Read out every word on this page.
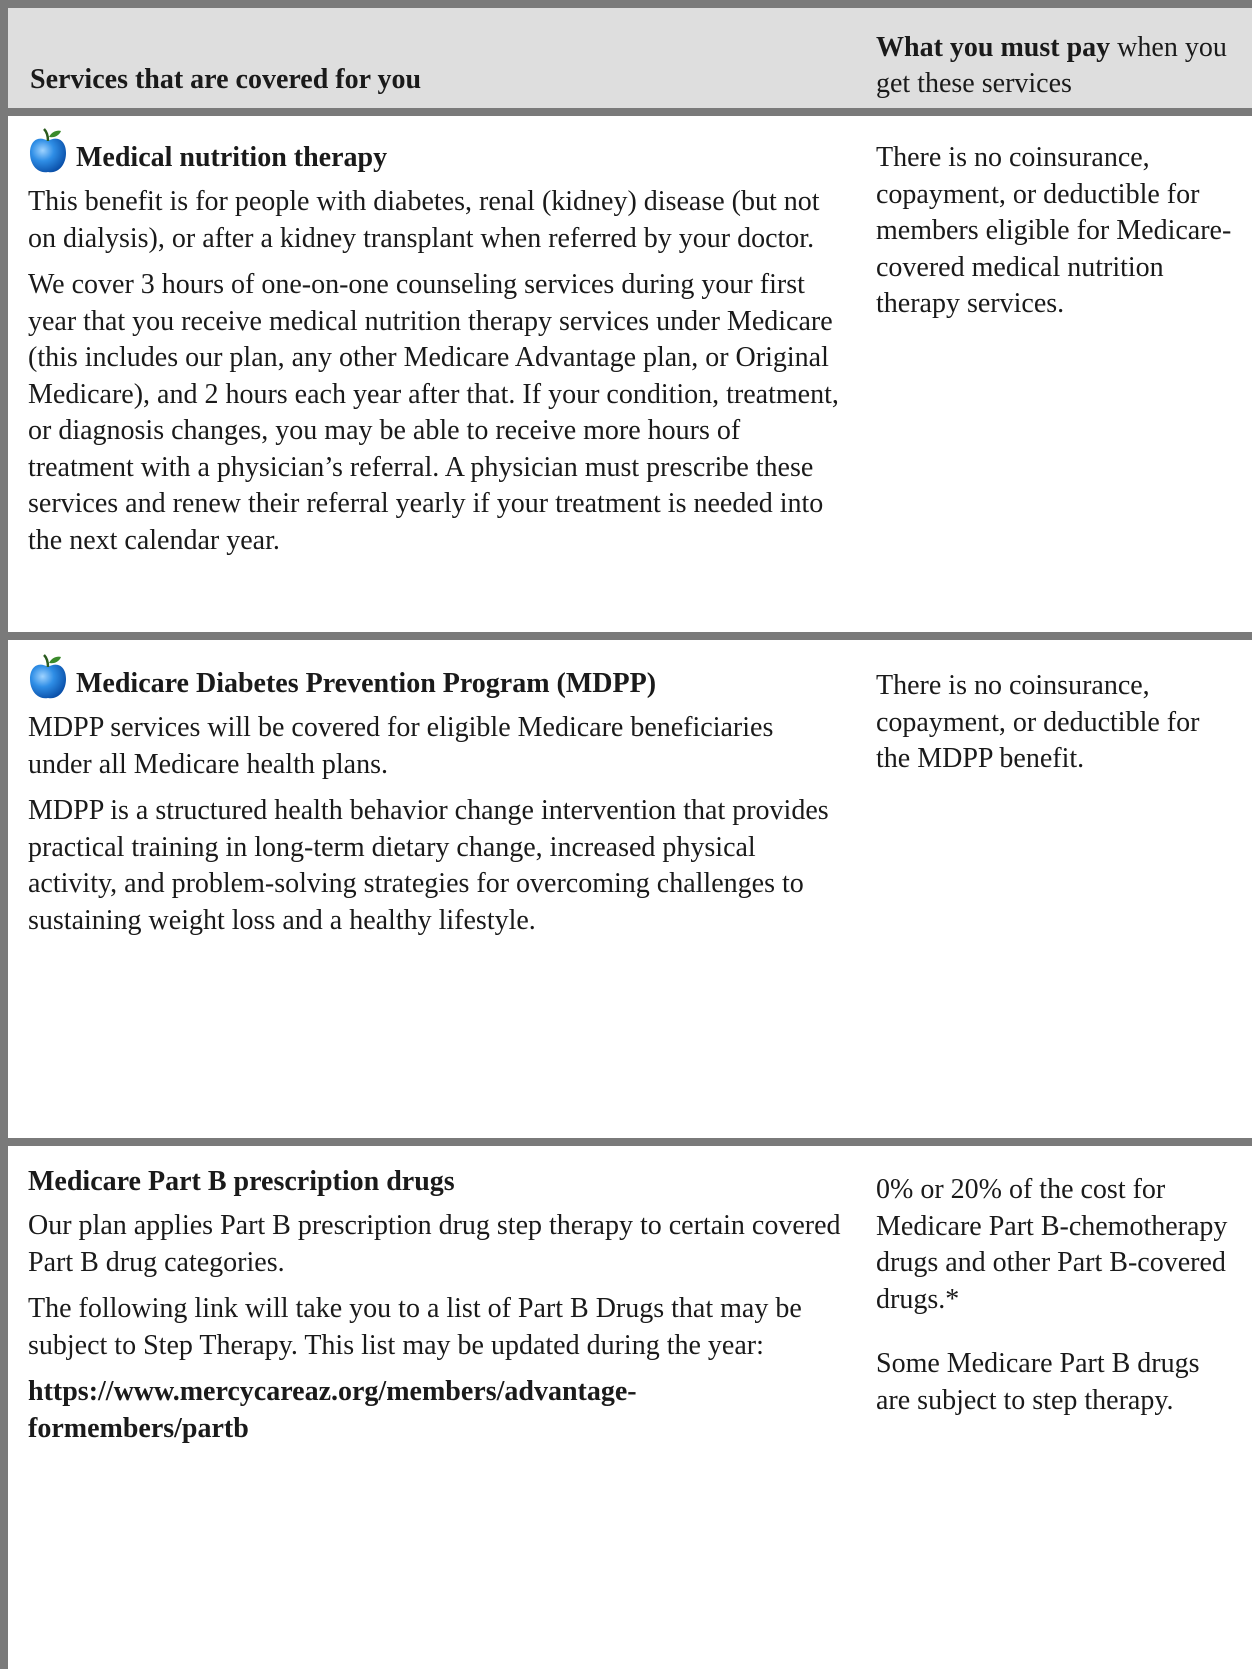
Services that are covered for you
What you must pay when you get these services
Medical nutrition therapy

This benefit is for people with diabetes, renal (kidney) disease (but not on dialysis), or after a kidney transplant when referred by your doctor.

We cover 3 hours of one-on-one counseling services during your first year that you receive medical nutrition therapy services under Medicare (this includes our plan, any other Medicare Advantage plan, or Original Medicare), and 2 hours each year after that. If your condition, treatment, or diagnosis changes, you may be able to receive more hours of treatment with a physician’s referral. A physician must prescribe these services and renew their referral yearly if your treatment is needed into the next calendar year.

There is no coinsurance, copayment, or deductible for members eligible for Medicare-covered medical nutrition therapy services.

Medicare Diabetes Prevention Program (MDPP)

MDPP services will be covered for eligible Medicare beneficiaries under all Medicare health plans.

MDPP is a structured health behavior change intervention that provides practical training in long-term dietary change, increased physical activity, and problem-solving strategies for overcoming challenges to sustaining weight loss and a healthy lifestyle.

There is no coinsurance, copayment, or deductible for the MDPP benefit.

Medicare Part B prescription drugs

Our plan applies Part B prescription drug step therapy to certain covered Part B drug categories.

The following link will take you to a list of Part B Drugs that may be subject to Step Therapy. This list may be updated during the year:

https://www.mercycareaz.org/members/advantage-formembers/partb

0% or 20% of the cost for Medicare Part B-chemotherapy drugs and other Part B-covered drugs.*

Some Medicare Part B drugs are subject to step therapy.
